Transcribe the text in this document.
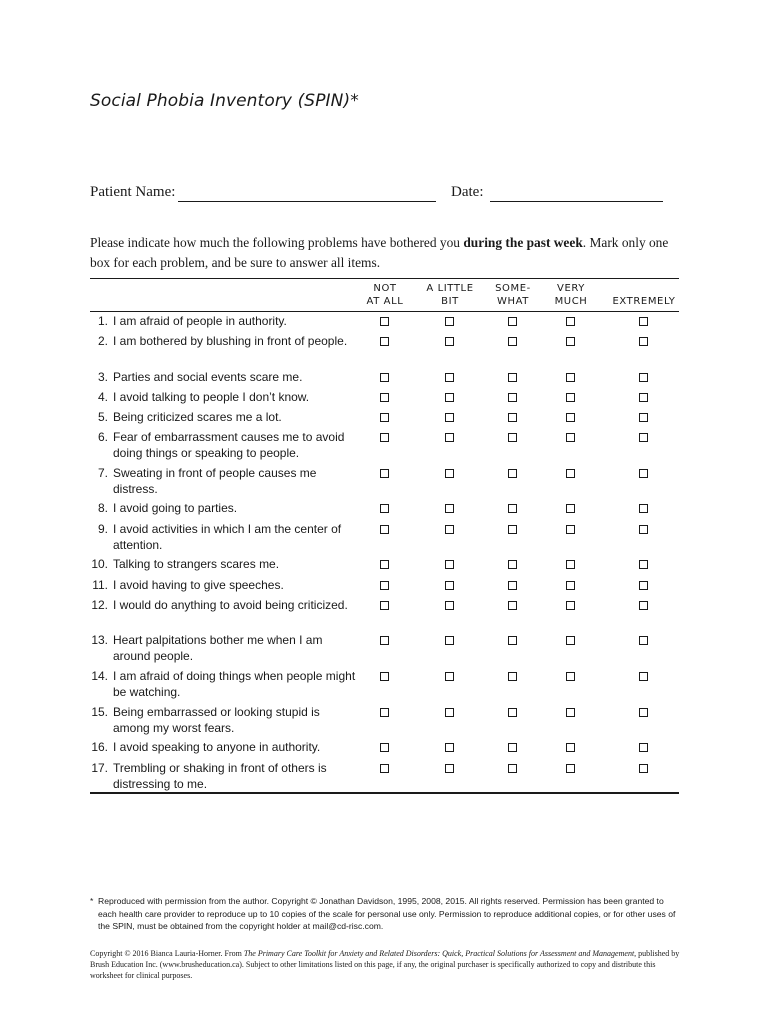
Social Phobia Inventory (SPIN)*
Patient Name:	Date:
Please indicate how much the following problems have bothered you during the past week. Mark only one box for each problem, and be sure to answer all items.
NOT
AT ALL
A LITTLE
BIT
SOME-
WHAT
VERY
MUCH
	EXTREMELY
1. I am afraid of people in authority.
2. I am bothered by blushing in front of people.
3. Parties and social events scare me.
4. I avoid talking to people I don’t know.
5. Being criticized scares me a lot.
6. Fear of embarrassment causes me to avoid doing things or speaking to people.
7. Sweating in front of people causes me distress.
8. I avoid going to parties.
9. I avoid activities in which I am the center of attention.
10. Talking to strangers scares me.
11. I avoid having to give speeches.
12. I would do anything to avoid being criticized.
13. Heart palpitations bother me when I am around people.
14. I am afraid of doing things when people might be watching.
15. Being embarrassed or looking stupid is among my worst fears.
16. I avoid speaking to anyone in authority.
17. Trembling or shaking in front of others is distressing to me.
* Reproduced with permission from the author. Copyright © Jonathan Davidson, 1995, 2008, 2015. All rights reserved. Permission has been granted to each health care provider to reproduce up to 10 copies of the scale for personal use only. Permission to reproduce additional copies, or for other uses of the SPIN, must be obtained from the copyright holder at mail@cd-risc.com.
Copyright © 2016 Bianca Lauria-Horner. From The Primary Care Toolkit for Anxiety and Related Disorders: Quick, Practical Solutions for Assessment and Management, published by Brush Education Inc. (www.brusheducation.ca). Subject to other limitations listed on this page, if any, the original purchaser is specifically authorized to copy and distribute this worksheet for clinical purposes.
